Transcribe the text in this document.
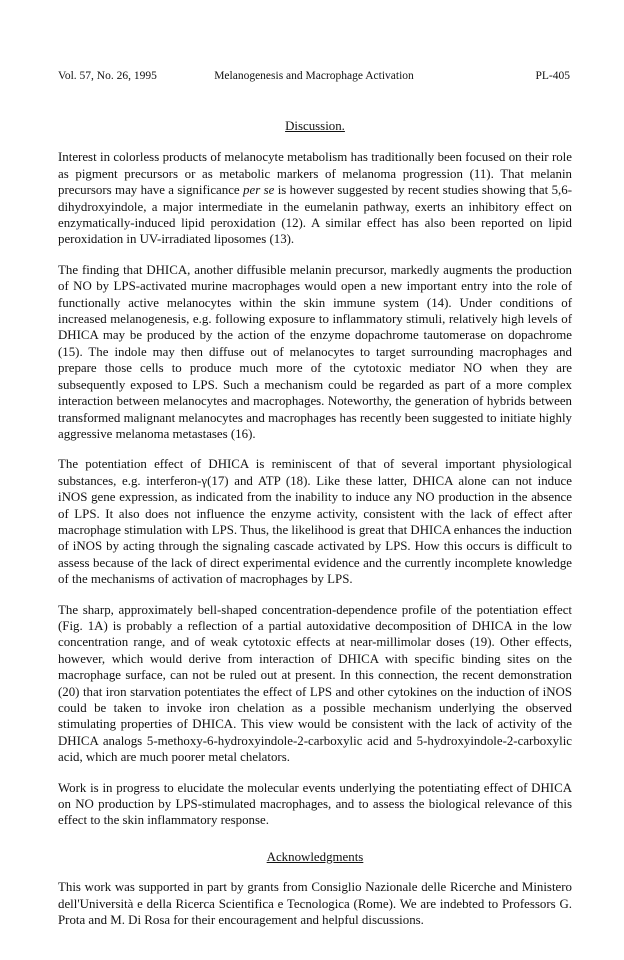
Vol. 57, No. 26, 1995	Melanogenesis and Macrophage Activation	PL-405
Discussion.

Interest in colorless products of melanocyte metabolism has traditionally been focused on their role as pigment precursors or as metabolic markers of melanoma progression (11). That melanin precursors may have a significance per se is however suggested by recent studies showing that 5,6-dihydroxyindole, a major intermediate in the eumelanin pathway, exerts an inhibitory effect on enzymatically-induced lipid peroxidation (12). A similar effect has also been reported on lipid peroxidation in UV-irradiated liposomes (13).

The finding that DHICA, another diffusible melanin precursor, markedly augments the production of NO by LPS-activated murine macrophages would open a new important entry into the role of functionally active melanocytes within the skin immune system (14). Under conditions of increased melanogenesis, e.g. following exposure to inflammatory stimuli, relatively high levels of DHICA may be produced by the action of the enzyme dopachrome tautomerase on dopachrome (15). The indole may then diffuse out of melanocytes to target surrounding macrophages and prepare those cells to produce much more of the cytotoxic mediator NO when they are subsequently exposed to LPS. Such a mechanism could be regarded as part of a more complex interaction between melanocytes and macrophages. Noteworthy, the generation of hybrids between transformed malignant melanocytes and macrophages has recently been suggested to initiate highly aggressive melanoma metastases (16).

The potentiation effect of DHICA is reminiscent of that of several important physiological substances, e.g. interferon-γ(17) and ATP (18). Like these latter, DHICA alone can not induce iNOS gene expression, as indicated from the inability to induce any NO production in the absence of LPS. It also does not influence the enzyme activity, consistent with the lack of effect after macrophage stimulation with LPS. Thus, the likelihood is great that DHICA enhances the induction of iNOS by acting through the signaling cascade activated by LPS. How this occurs is difficult to assess because of the lack of direct experimental evidence and the currently incomplete knowledge of the mechanisms of activation of macrophages by LPS.

The sharp, approximately bell-shaped concentration-dependence profile of the potentiation effect (Fig. 1A) is probably a reflection of a partial autoxidative decomposition of DHICA in the low concentration range, and of weak cytotoxic effects at near-millimolar doses (19). Other effects, however, which would derive from interaction of DHICA with specific binding sites on the macrophage surface, can not be ruled out at present. In this connection, the recent demonstration (20) that iron starvation potentiates the effect of LPS and other cytokines on the induction of iNOS could be taken to invoke iron chelation as a possible mechanism underlying the observed stimulating properties of DHICA. This view would be consistent with the lack of activity of the DHICA analogs 5-methoxy-6-hydroxyindole-2-carboxylic acid and 5-hydroxyindole-2-carboxylic acid, which are much poorer metal chelators.

Work is in progress to elucidate the molecular events underlying the potentiating effect of DHICA on NO production by LPS-stimulated macrophages, and to assess the biological relevance of this effect to the skin inflammatory response.

Acknowledgments

This work was supported in part by grants from Consiglio Nazionale delle Ricerche and Ministero dell'Università e della Ricerca Scientifica e Tecnologica (Rome). We are indebted to Professors G. Prota and M. Di Rosa for their encouragement and helpful discussions.
